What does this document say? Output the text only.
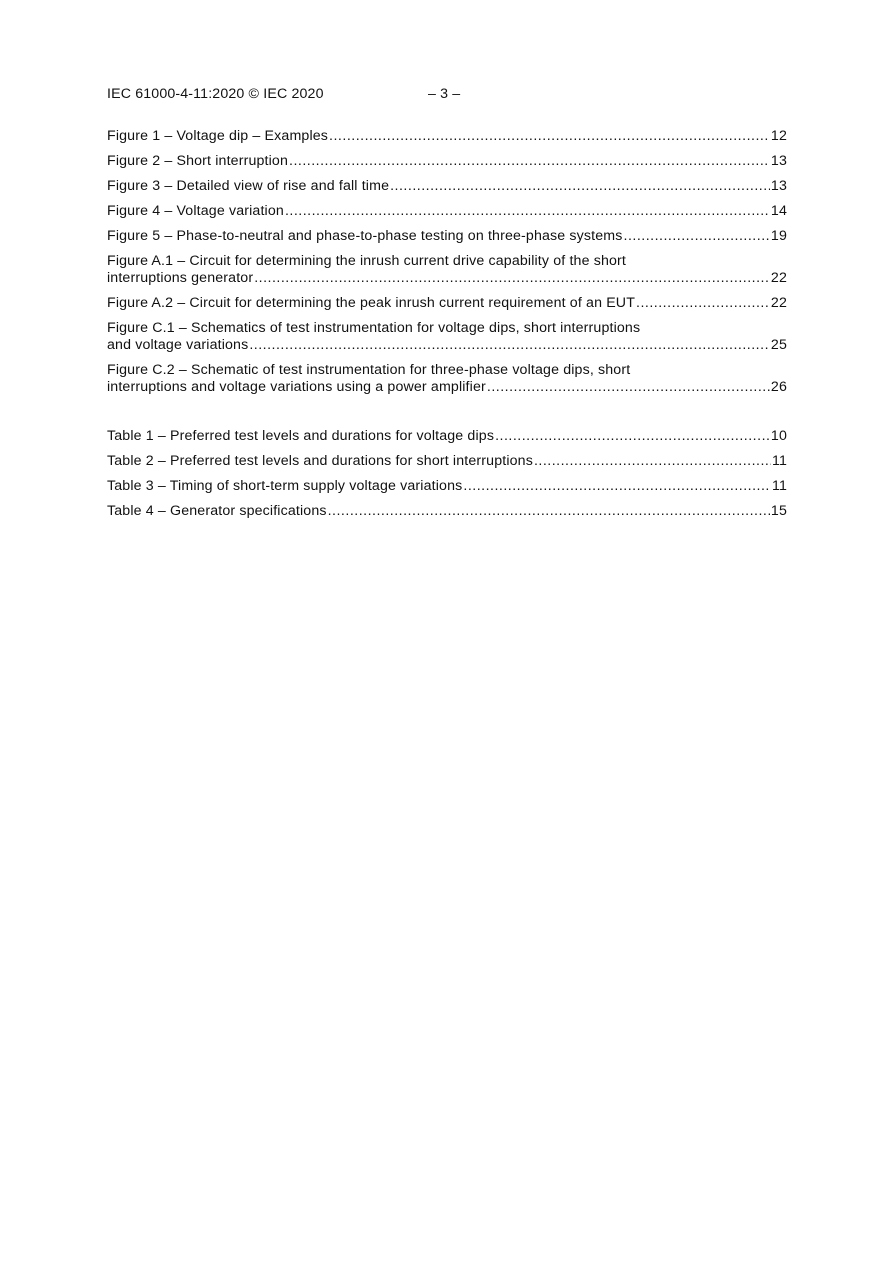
IEC 61000-4-11:2020 © IEC 2020	– 3 –
Figure 1 – Voltage dip – Examples .....	12
Figure 2 – Short interruption .....	13
Figure 3 – Detailed view of rise and fall time .....	13
Figure 4 – Voltage variation .....	14
Figure 5 – Phase-to-neutral and phase-to-phase testing on three-phase systems .....	19
Figure A.1 – Circuit for determining the inrush current drive capability of the short
interruptions generator .....	22
Figure A.2 – Circuit for determining the peak inrush current requirement of an EUT .....	22
Figure C.1 – Schematics of test instrumentation for voltage dips, short interruptions
and voltage variations .....	25
Figure C.2 – Schematic of test instrumentation for three-phase voltage dips, short
interruptions and voltage variations using a power amplifier .....	26
Table 1 – Preferred test levels and durations for voltage dips .....	10
Table 2 – Preferred test levels and durations for short interruptions .....	11
Table 3 – Timing of short-term supply voltage variations .....	11
Table 4 – Generator specifications .....	15
